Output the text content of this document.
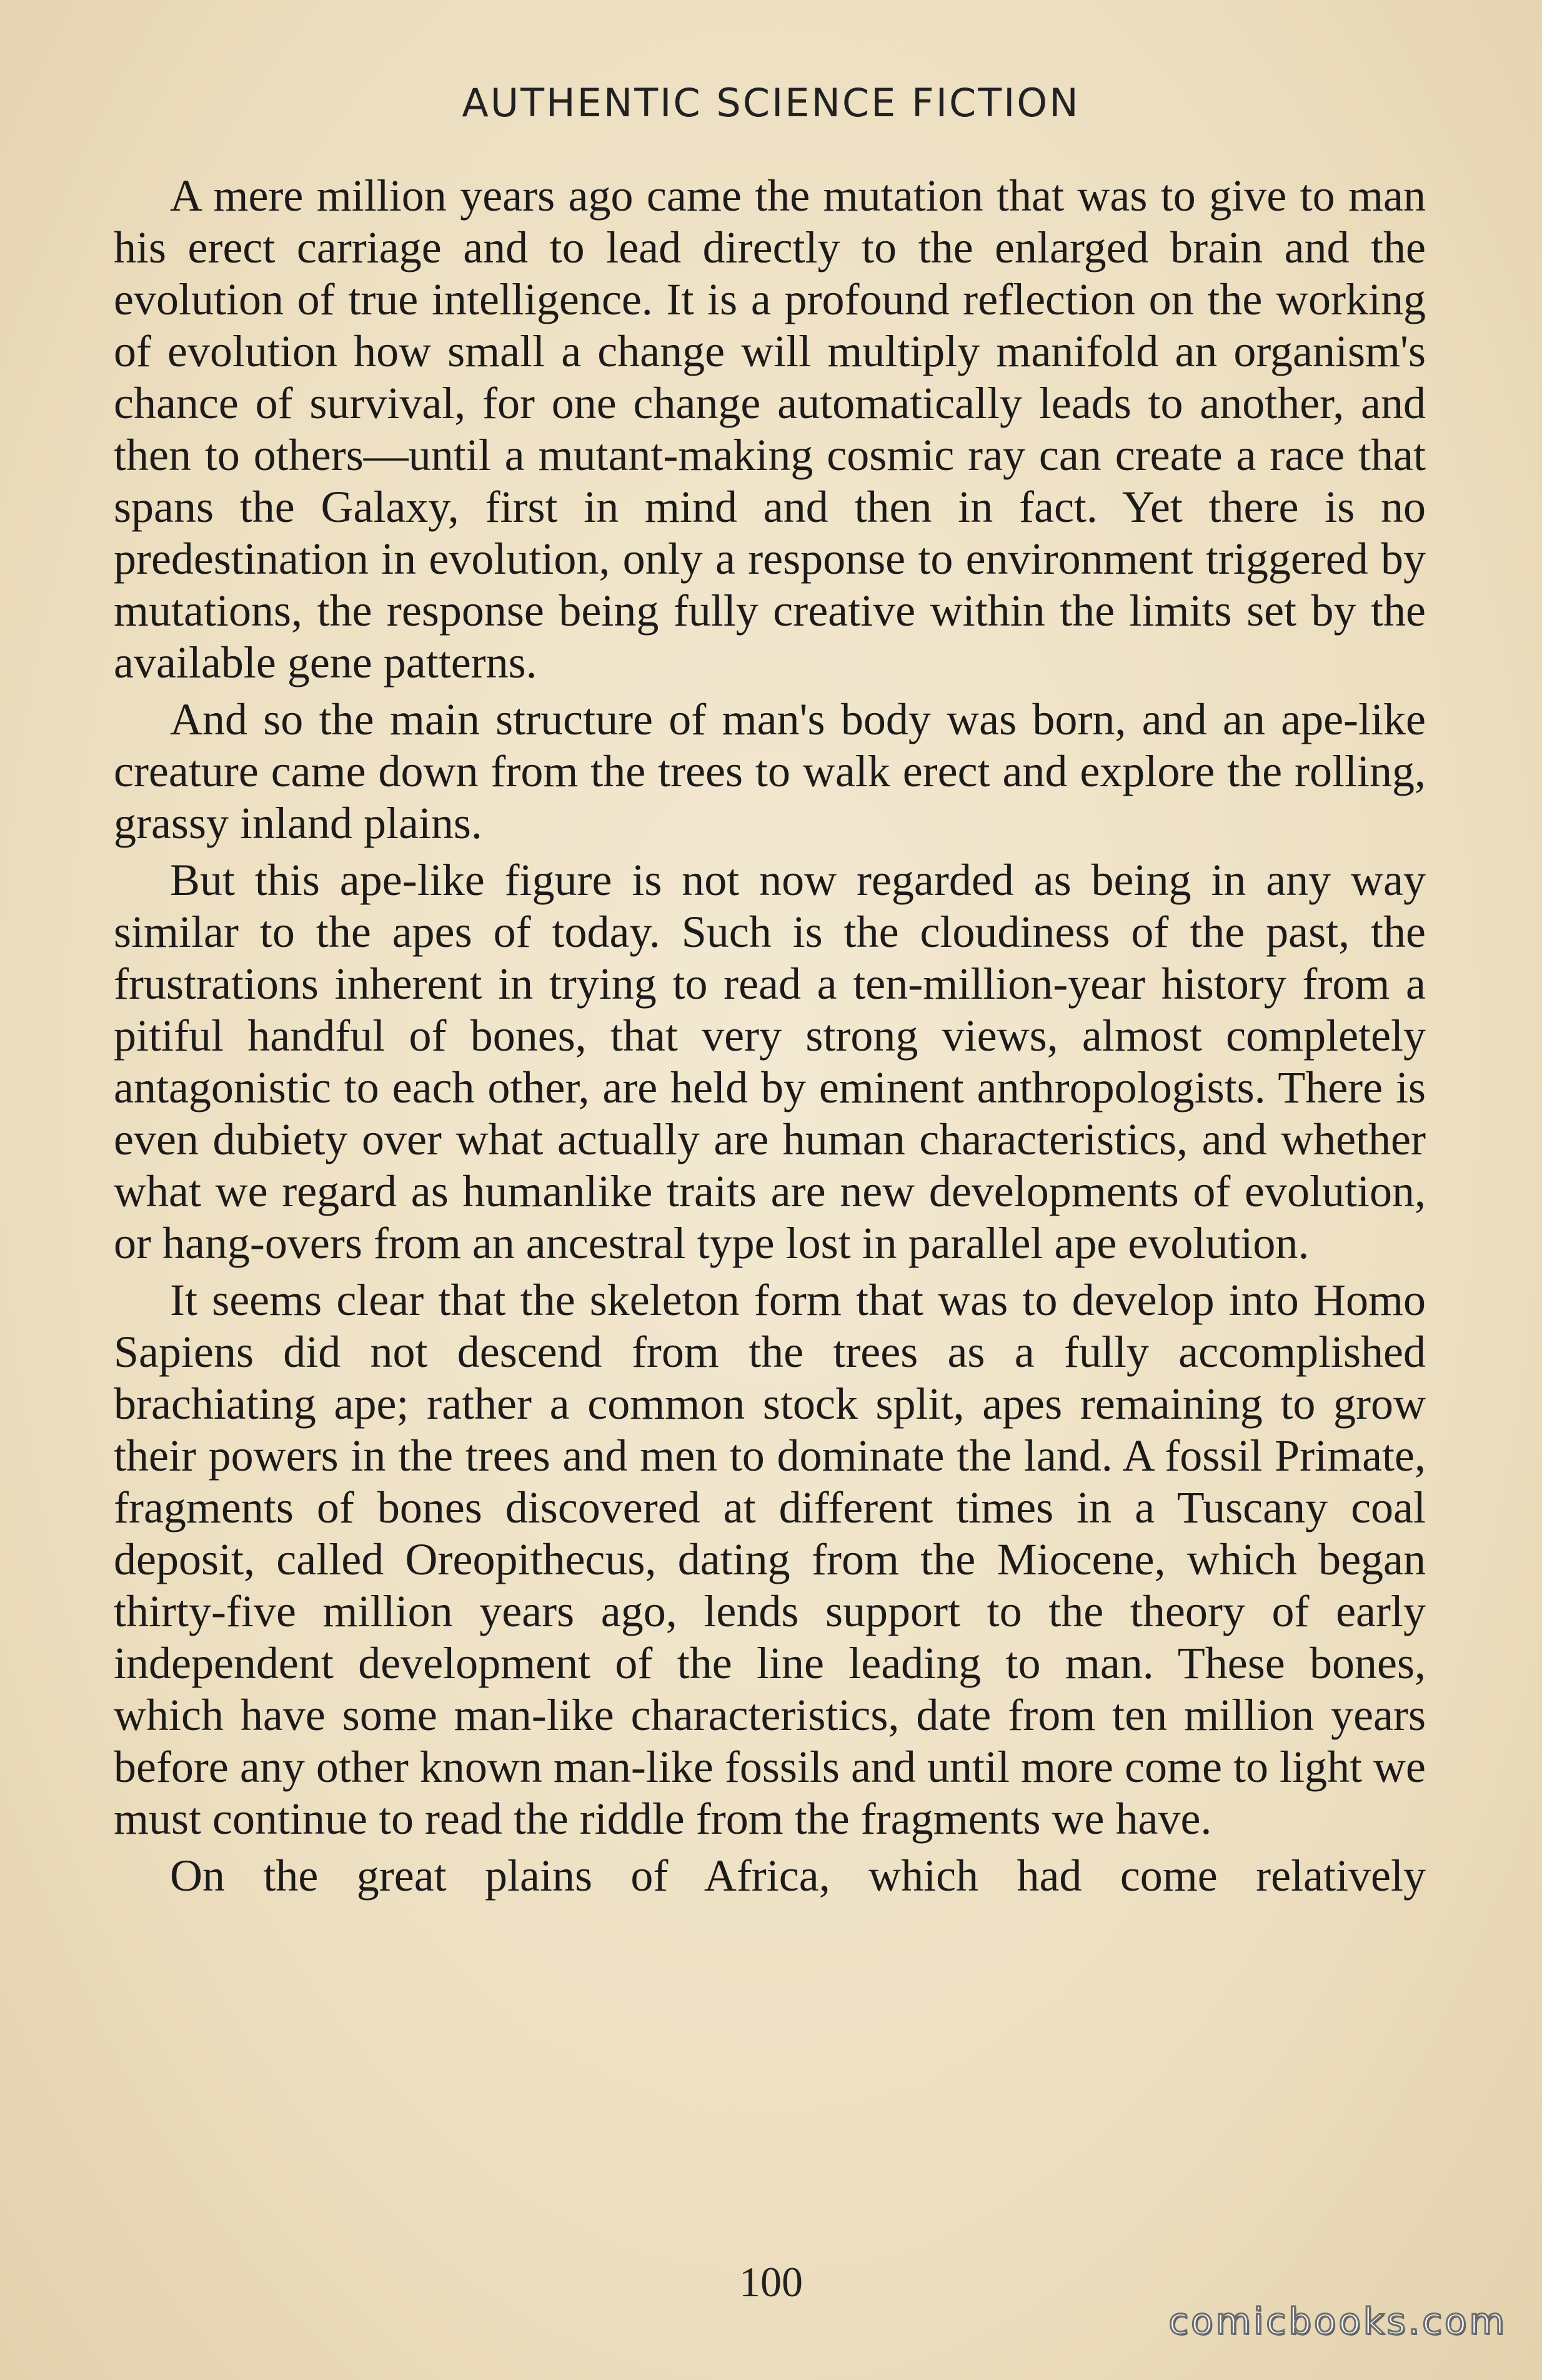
AUTHENTIC SCIENCE FICTION

A mere million years ago came the mutation that was to give to man his erect carriage and to lead directly to the enlarged brain and the evolution of true intelligence. It is a profound reflection on the working of evolution how small a change will multiply manifold an organism's chance of survival, for one change automatically leads to another, and then to others—until a mutant-making cosmic ray can create a race that spans the Galaxy, first in mind and then in fact. Yet there is no predestination in evolution, only a response to environment triggered by mutations, the response being fully creative within the limits set by the available gene patterns.

And so the main structure of man's body was born, and an ape-like creature came down from the trees to walk erect and explore the rolling, grassy inland plains.

But this ape-like figure is not now regarded as being in any way similar to the apes of today. Such is the cloudiness of the past, the frustrations inherent in trying to read a ten-million-year history from a pitiful handful of bones, that very strong views, almost completely antagonistic to each other, are held by eminent anthropologists. There is even dubiety over what actually are human characteristics, and whether what we regard as humanlike traits are new developments of evolution, or hang-overs from an ancestral type lost in parallel ape evolution.

It seems clear that the skeleton form that was to develop into Homo Sapiens did not descend from the trees as a fully accomplished brachiating ape; rather a common stock split, apes remaining to grow their powers in the trees and men to dominate the land. A fossil Primate, fragments of bones discovered at different times in a Tuscany coal deposit, called Oreopithecus, dating from the Miocene, which began thirty-five million years ago, lends support to the theory of early independent development of the line leading to man. These bones, which have some man-like characteristics, date from ten million years before any other known man-like fossils and until more come to light we must continue to read the riddle from the fragments we have.

On the great plains of Africa, which had come relatively

100
comicbooks.com
